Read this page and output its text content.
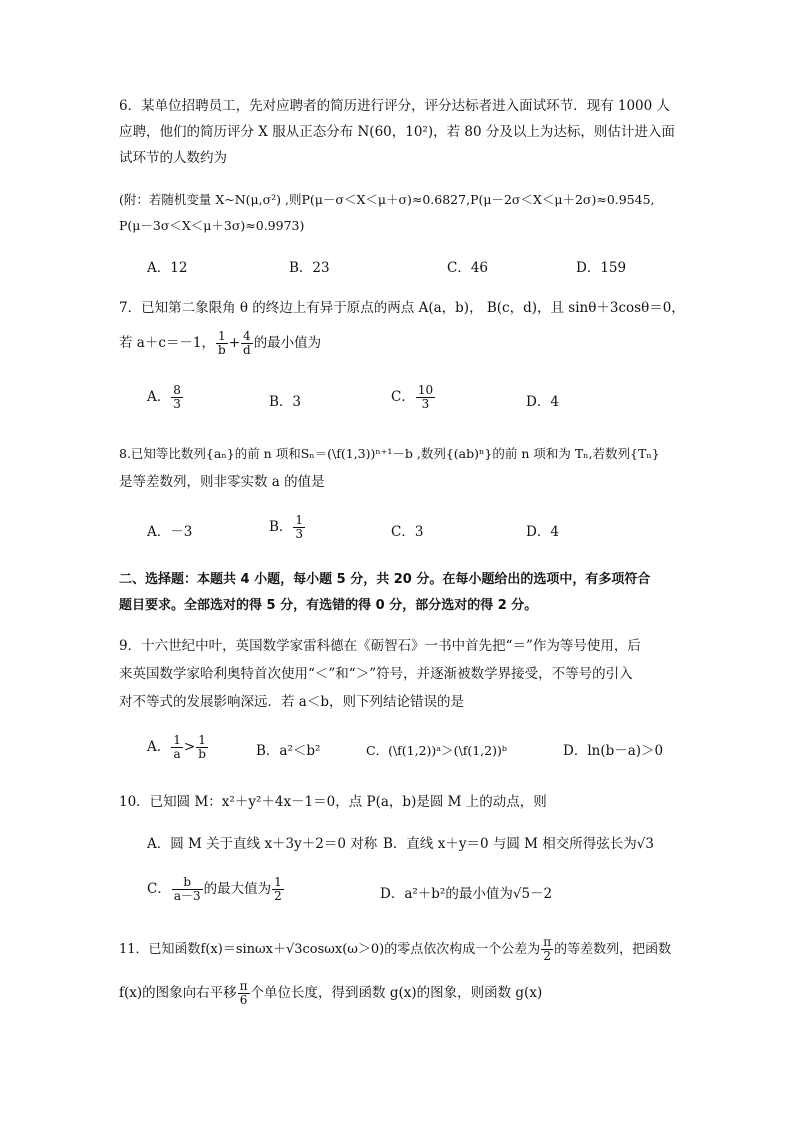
6．某单位招聘员工，先对应聘者的简历进行评分，评分达标者进入面试环节．现有 1000 人
应聘，他们的简历评分 X 服从正态分布 N(60，10²)，若 80 分及以上为达标，则估计进入面
试环节的人数约为
(附：若随机变量 X~N(μ,σ²) ,则P(μ－σ＜X＜μ＋σ)≈0.6827,P(μ－2σ＜X＜μ＋2σ)≈0.9545,
P(μ－3σ＜X＜μ＋3σ)≈0.9973)
A．12	B．23	C．46	D．159
7．已知第二象限角 θ 的终边上有异于原点的两点 A(a，b)， B(c，d)，且 sinθ＋3cosθ＝0，
若 a＋c＝－1， $\frac{1}{b} + \frac{4}{d}$ 的最小值为
A． $\frac{8}{3}$	B．3	C． $\frac{10}{3}$	D．4
8.已知等比数列{aₙ}的前 n 项和Sₙ＝(\f(1,3))ⁿ⁺¹－b ,数列{(ab)ⁿ}的前 n 项和为 Tₙ,若数列{Tₙ}
是等差数列，则非零实数 a 的值是
A．－3	B． $\frac{1}{3}$	C．3	D．4
二、选择题：本题共 4 小题，每小题 5 分，共 20 分。在每小题给出的选项中，有多项符合
题目要求。全部选对的得 5 分，有选错的得 0 分，部分选对的得 2 分。
9．十六世纪中叶，英国数学家雷科德在《砺智石》一书中首先把“＝”作为等号使用，后
来英国数学家哈利奥特首次使用“＜”和“＞”符号，并逐渐被数学界接受，不等号的引入
对不等式的发展影响深远．若 a＜b，则下列结论错误的是
A． $\frac{1}{a} > \frac{1}{b}$	B．a²＜b²	C．(\f(1,2))ᵃ＞(\f(1,2))ᵇ	D．ln(b－a)＞0
10．已知圆 M：x²＋y²＋4x－1＝0，点 P(a，b)是圆 M 上的动点，则
A．圆 M 关于直线 x＋3y＋2＝0 对称 B．直线 x＋y＝0 与圆 M 相交所得弦长为√3
C． $\frac{b}{a-3}$ 的最大值为 $\frac{1}{2}$	D．a²＋b²的最小值为√5－2
11．已知函数f(x)＝sinωx＋√3cosωx(ω＞0)的零点依次构成一个公差为 $\frac{\pi}{2}$ 的等差数列，把函数
f(x)的图象向右平移 $\frac{\pi}{6}$ 个单位长度，得到函数 g(x)的图象，则函数 g(x)
